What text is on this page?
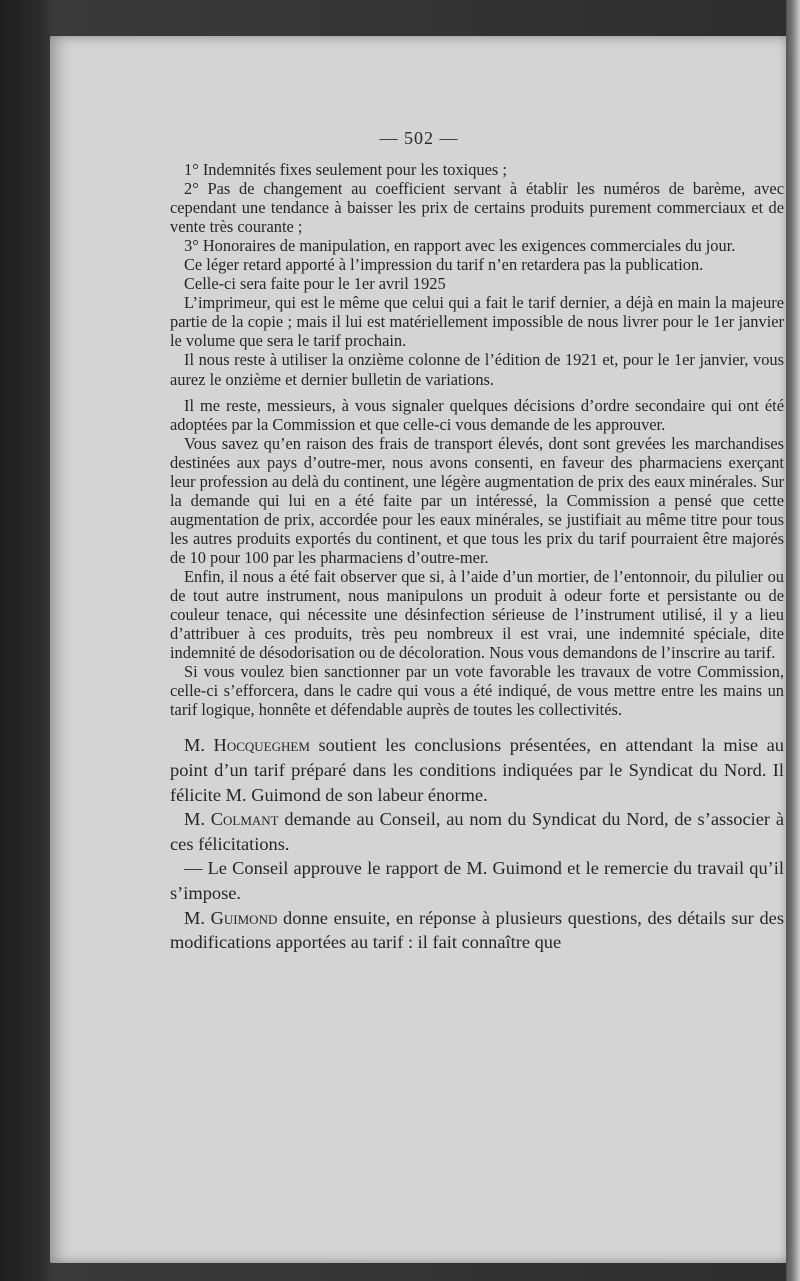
— 502 —

1° Indemnités fixes seulement pour les toxiques ;

2° Pas de changement au coefficient servant à établir les numéros de barème, avec cependant une tendance à baisser les prix de certains produits purement commerciaux et de vente très courante ;

3° Honoraires de manipulation, en rapport avec les exigences commerciales du jour.

Ce léger retard apporté à l’impression du tarif n’en retardera pas la publication.

Celle-ci sera faite pour le 1er avril 1925

L’imprimeur, qui est le même que celui qui a fait le tarif dernier, a déjà en main la majeure partie de la copie ; mais il lui est matériellement impossible de nous livrer pour le 1er janvier le volume que sera le tarif prochain.

Il nous reste à utiliser la onzième colonne de l’édition de 1921 et, pour le 1er janvier, vous aurez le onzième et dernier bulletin de variations.

Il me reste, messieurs, à vous signaler quelques décisions d’ordre secondaire qui ont été adoptées par la Commission et que celle-ci vous demande de les approuver.

Vous savez qu’en raison des frais de transport élevés, dont sont grevées les marchandises destinées aux pays d’outre-mer, nous avons consenti, en faveur des pharmaciens exerçant leur profession au delà du continent, une légère augmentation de prix des eaux minérales. Sur la demande qui lui en a été faite par un intéressé, la Commission a pensé que cette augmentation de prix, accordée pour les eaux minérales, se justifiait au même titre pour tous les autres produits exportés du continent, et que tous les prix du tarif pourraient être majorés de 10 pour 100 par les pharmaciens d’outre-mer.

Enfin, il nous a été fait observer que si, à l’aide d’un mortier, de l’entonnoir, du pilulier ou de tout autre instrument, nous manipulons un produit à odeur forte et persistante ou de couleur tenace, qui nécessite une désinfection sérieuse de l’instrument utilisé, il y a lieu d’attribuer à ces produits, très peu nombreux il est vrai, une indemnité spéciale, dite indemnité de désodorisation ou de décoloration. Nous vous demandons de l’inscrire au tarif.

Si vous voulez bien sanctionner par un vote favorable les travaux de votre Commission, celle-ci s’efforcera, dans le cadre qui vous a été indiqué, de vous mettre entre les mains un tarif logique, honnête et défendable auprès de toutes les collectivités.

M. Hocqueghem soutient les conclusions présentées, en attendant la mise au point d’un tarif préparé dans les conditions indiquées par le Syndicat du Nord. Il félicite M. Guimond de son labeur énorme.

M. Colmant demande au Conseil, au nom du Syndicat du Nord, de s’associer à ces félicitations.

— Le Conseil approuve le rapport de M. Guimond et le remercie du travail qu’il s’impose.

M. Guimond donne ensuite, en réponse à plusieurs questions, des détails sur des modifications apportées au tarif : il fait connaître que
